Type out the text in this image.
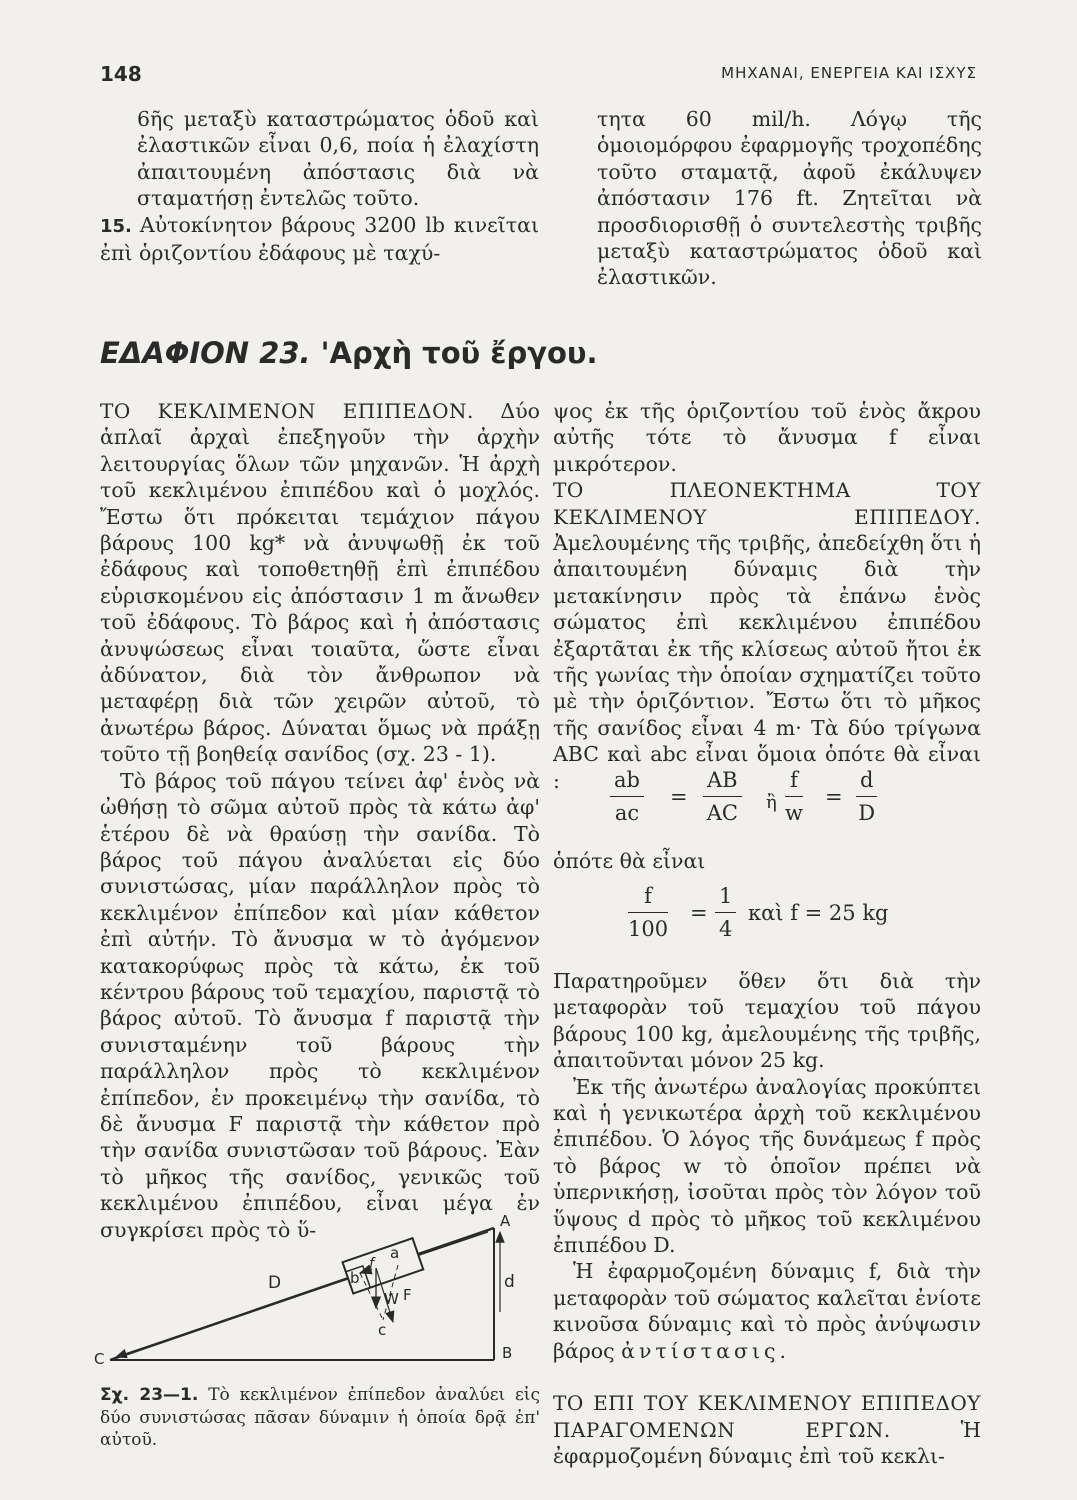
148	ΜΗΧΑΝΑΙ, ΕΝΕΡΓΕΙΑ ΚΑΙ ΙΣΧΥΣ

6ῆς μεταξὺ καταστρώματος ὁδοῦ καὶ ἐλαστικῶν εἶναι 0,6, ποία ἡ ἐλαχίστη ἀπαιτουμένη ἀπόστασις διὰ νὰ σταματήσῃ ἐντελῶς τοῦτο.

15. Αὐτοκίνητον βάρους 3200 lb κινεῖται ἐπὶ ὁριζοντίου ἐδάφους μὲ ταχύ-

τητα 60 mil/h. Λόγῳ τῆς ὁμοιομόρφου ἐφαρμογῆς τροχοπέδης τοῦτο σταματᾷ, ἀφοῦ ἐκάλυψεν ἀπόστασιν 176 ft. Ζητεῖται νὰ προσδιορισθῇ ὁ συντελεστὴς τριβῆς μεταξὺ καταστρώματος ὁδοῦ καὶ ἐλαστικῶν.

ΕΔΑΦΙΟΝ 23. 'Αρχὴ τοῦ ἔργου.

ΤΟ ΚΕΚΛΙΜΕΝΟΝ ΕΠΙΠΕΔΟΝ. Δύο ἁπλαῖ ἀρχαὶ ἐπεξηγοῦν τὴν ἀρχὴν λειτουργίας ὅλων τῶν μηχανῶν. Ἡ ἀρχὴ τοῦ κεκλιμένου ἐπιπέδου καὶ ὁ μοχλός. Ἔστω ὅτι πρόκειται τεμάχιον πάγου βάρους 100 kg* νὰ ἀνυψωθῇ ἐκ τοῦ ἐδάφους καὶ τοποθετηθῇ ἐπὶ ἐπιπέδου εὑρισκομένου εἰς ἀπόστασιν 1 m ἄνωθεν τοῦ ἐδάφους. Τὸ βάρος καὶ ἡ ἀπόστασις ἀνυψώσεως εἶναι τοιαῦτα, ὥστε εἶναι ἀδύνατον, διὰ τὸν ἄνθρωπον νὰ μεταφέρῃ διὰ τῶν χειρῶν αὐτοῦ, τὸ ἀνωτέρω βάρος. Δύναται ὅμως νὰ πράξῃ τοῦτο τῇ βοηθείᾳ σανίδος (σχ. 23 - 1).

Τὸ βάρος τοῦ πάγου τείνει ἀφ' ἑνὸς νὰ ὠθήσῃ τὸ σῶμα αὐτοῦ πρὸς τὰ κάτω ἀφ' ἑτέρου δὲ νὰ θραύσῃ τὴν σανίδα. Τὸ βάρος τοῦ πάγου ἀναλύεται εἰς δύο συνιστώσας, μίαν παράλληλον πρὸς τὸ κεκλιμένον ἐπίπεδον καὶ μίαν κάθετον ἐπὶ αὐτήν. Τὸ ἄνυσμα w τὸ ἀγόμενον κατακορύφως πρὸς τὰ κάτω, ἐκ τοῦ κέντρου βάρους τοῦ τεμαχίου, παριστᾷ τὸ βάρος αὐτοῦ. Τὸ ἄνυσμα f παριστᾷ τὴν συνισταμένην τοῦ βάρους τὴν παράλληλον πρὸς τὸ κεκλιμένον ἐπίπεδον, ἐν προκειμένῳ τὴν σανίδα, τὸ δὲ ἄνυσμα F παριστᾷ τὴν κάθετον πρὸ τὴν σανίδα συνιστῶσαν τοῦ βάρους. Ἐὰν τὸ μῆκος τῆς σανίδος, γενικῶς τοῦ κεκλιμένου ἐπιπέδου, εἶναι μέγα ἐν συγκρίσει πρὸς τὸ ὕ-	A
B
C
D	d
a
b
f
F
W
c
Σχ. 23—1. Τὸ κεκλιμένον ἐπίπεδον ἀναλύει εἰς δύο συνιστώσας πᾶσαν δύναμιν ἡ ὁποία δρᾷ ἐπ' αὐτοῦ.

ψος ἐκ τῆς ὁριζοντίου τοῦ ἑνὸς ἄκρου αὐτῆς τότε τὸ ἄνυσμα f εἶναι μικρότερον.

ΤΟ ΠΛΕΟΝΕΚΤΗΜΑ ΤΟΥ ΚΕΚΛΙΜΕΝΟΥ ΕΠΙΠΕΔΟΥ. Ἀμελουμένης τῆς τριβῆς, ἀπεδείχθη ὅτι ἡ ἀπαιτουμένη δύναμις διὰ τὴν μετακίνησιν πρὸς τὰ ἐπάνω ἑνὸς σώματος ἐπὶ κεκλιμένου ἐπιπέδου ἐξαρτᾶται ἐκ τῆς κλίσεως αὐτοῦ ἤτοι ἐκ τῆς γωνίας τὴν ὁποίαν σχηματίζει τοῦτο μὲ τὴν ὁριζόντιον. Ἔστω ὅτι τὸ μῆκος τῆς σανίδος εἶναι 4 m· Τὰ δύο τρίγωνα ABC καὶ abc εἶναι ὅμοια ὁπότε θὰ εἶναι :	$\frac{ab}{ac} = \frac{AB}{AC}$ ἢ $\frac{f}{w} = \frac{d}{D}$
ὁπότε θὰ εἶναι
$\frac{f}{100} = \frac{1}{4}$ καὶ f = 25 kg

Παρατηροῦμεν ὅθεν ὅτι διὰ τὴν μεταφορὰν τοῦ τεμαχίου τοῦ πάγου βάρους 100 kg, ἀμελουμένης τῆς τριβῆς, ἀπαιτοῦνται μόνον 25 kg.

Ἐκ τῆς ἀνωτέρω ἀναλογίας προκύπτει καὶ ἡ γενικωτέρα ἀρχὴ τοῦ κεκλιμένου ἐπιπέδου. Ὁ λόγος τῆς δυνάμεως f πρὸς τὸ βάρος w τὸ ὁποῖον πρέπει νὰ ὑπερνικήσῃ, ἰσοῦται πρὸς τὸν λόγον τοῦ ὕψους d πρὸς τὸ μῆκος τοῦ κεκλιμένου ἐπιπέδου D.

Ἡ ἐφαρμοζομένη δύναμις f, διὰ τὴν μεταφορὰν τοῦ σώματος καλεῖται ἐνίοτε κινοῦσα δύναμις καὶ τὸ πρὸς ἀνύψωσιν βάρος ἀντίστασις.

ΤΟ ΕΠΙ ΤΟΥ ΚΕΚΛΙΜΕΝΟΥ ΕΠΙΠΕΔΟΥ ΠΑΡΑΓΟΜΕΝΩΝ ΕΡΓΩΝ.	Ἡ ἐφαρμοζομένη δύναμις ἐπὶ τοῦ κεκλι-
